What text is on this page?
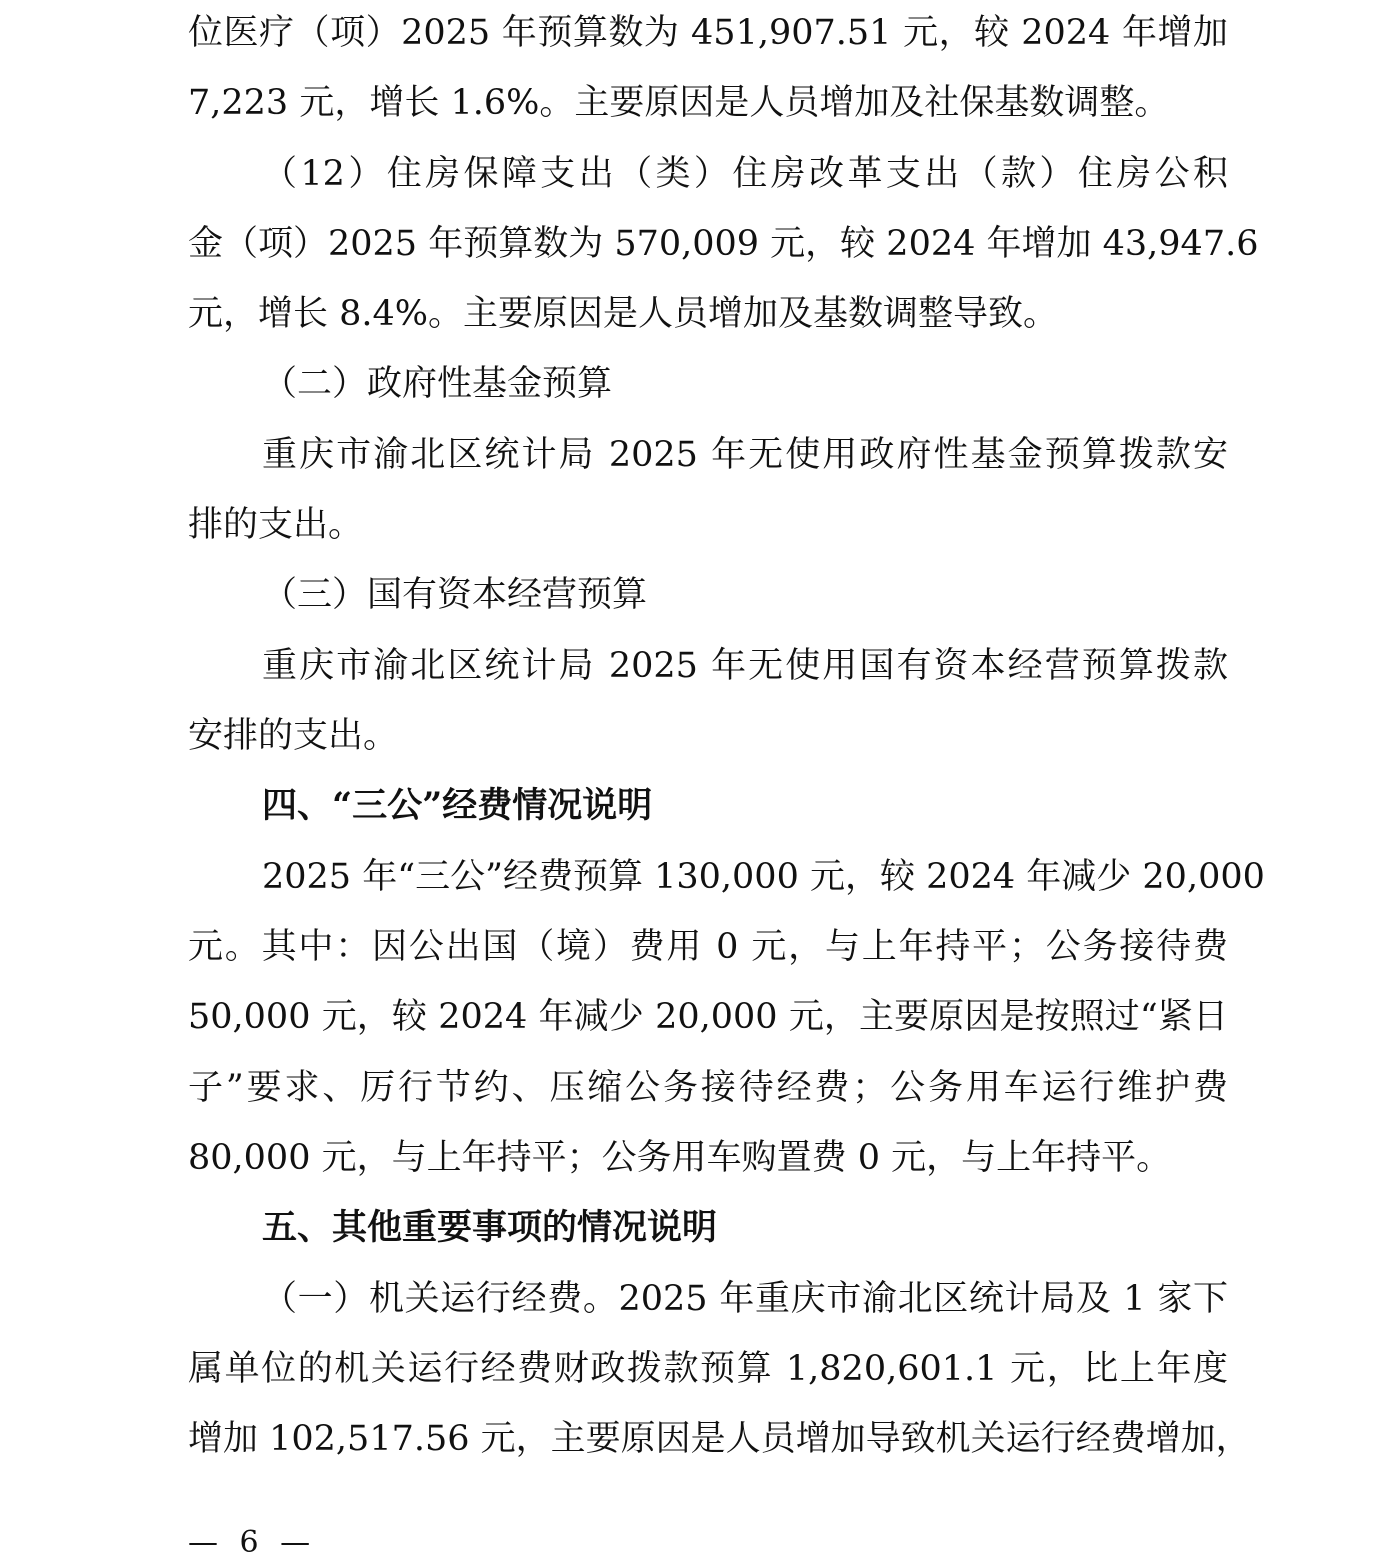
位医疗（项）2025 年预算数为 451,907.51 元，较 2024 年增加
7,223 元，增长 1.6%。主要原因是人员增加及社保基数调整。
（12）住房保障支出（类）住房改革支出（款）住房公积
金（项）2025 年预算数为 570,009 元，较 2024 年增加 43,947.6
元，增长 8.4%。主要原因是人员增加及基数调整导致。
（二）政府性基金预算
重庆市渝北区统计局 2025 年无使用政府性基金预算拨款安
排的支出。
（三）国有资本经营预算
重庆市渝北区统计局 2025 年无使用国有资本经营预算拨款
安排的支出。
四、“三公”经费情况说明
2025 年“三公”经费预算 130,000 元，较 2024 年减少 20,000
元。其中：因公出国（境）费用 0 元，与上年持平；公务接待费
50,000 元，较 2024 年减少 20,000 元，主要原因是按照过“紧日
子”要求、厉行节约、压缩公务接待经费；公务用车运行维护费
80,000 元，与上年持平；公务用车购置费 0 元，与上年持平。
五、其他重要事项的情况说明
（一）机关运行经费。2025 年重庆市渝北区统计局及 1 家下
属单位的机关运行经费财政拨款预算 1,820,601.1 元，比上年度
增加 102,517.56 元，主要原因是人员增加导致机关运行经费增加，
— 6 —
